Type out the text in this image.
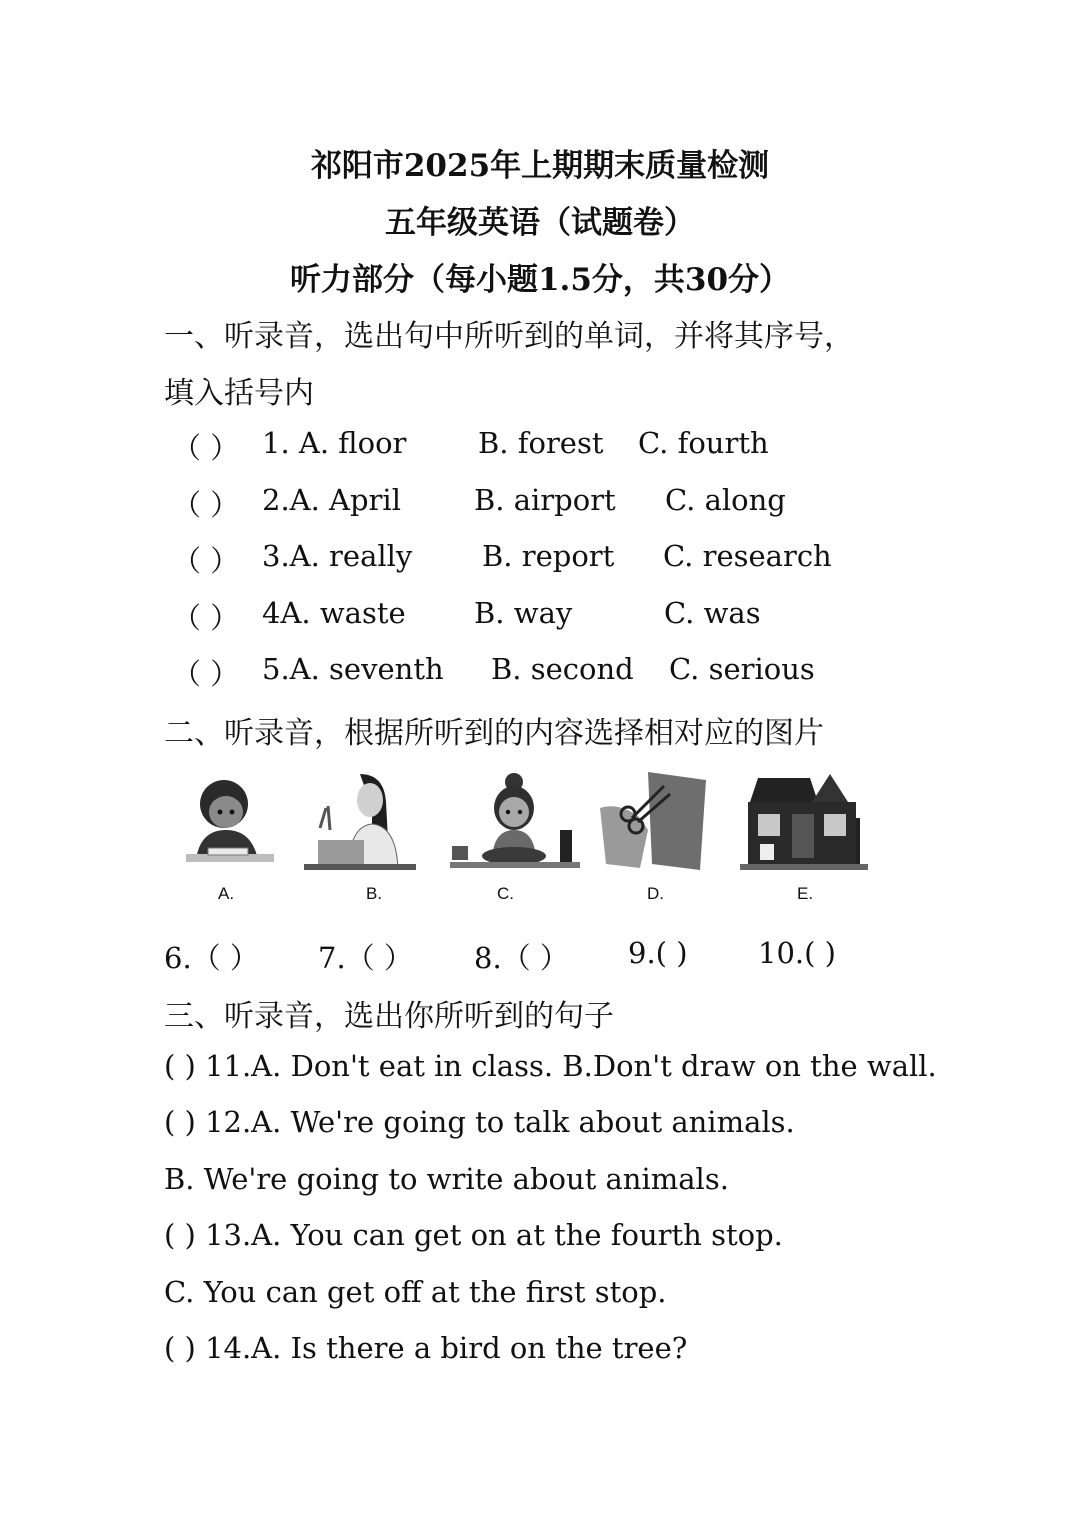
祁阳市2025年上期期末质量检测
五年级英语（试题卷）
听力部分（每小题1.5分，共30分）
一、听录音，选出句中所听到的单词，并将其序号，
填入括号内
（ ） 1. A. floor B. forest C. fourth
（ ） 2.A. April	B. airport C. along
（ ） 3.A. really B. report C. research
（ ） 4A. waste B. way	C. was
（ ） 5.A. seventh B. second C. serious
二、听录音，根据所听到的内容选择相对应的图片
A.	B.	C.	D.	E.
6.（ ） 7.（ ） 8.（ ） 9.( ) 10.( )
三、听录音，选出你所听到的句子
( ) 11.A. Don't eat in class. B.Don't draw on the wall.
( ) 12.A. We're going to talk about animals.
B. We're going to write about animals.
( ) 13.A. You can get on at the fourth stop.
C. You can get off at the first stop.
( ) 14.A. Is there a bird on the tree?
